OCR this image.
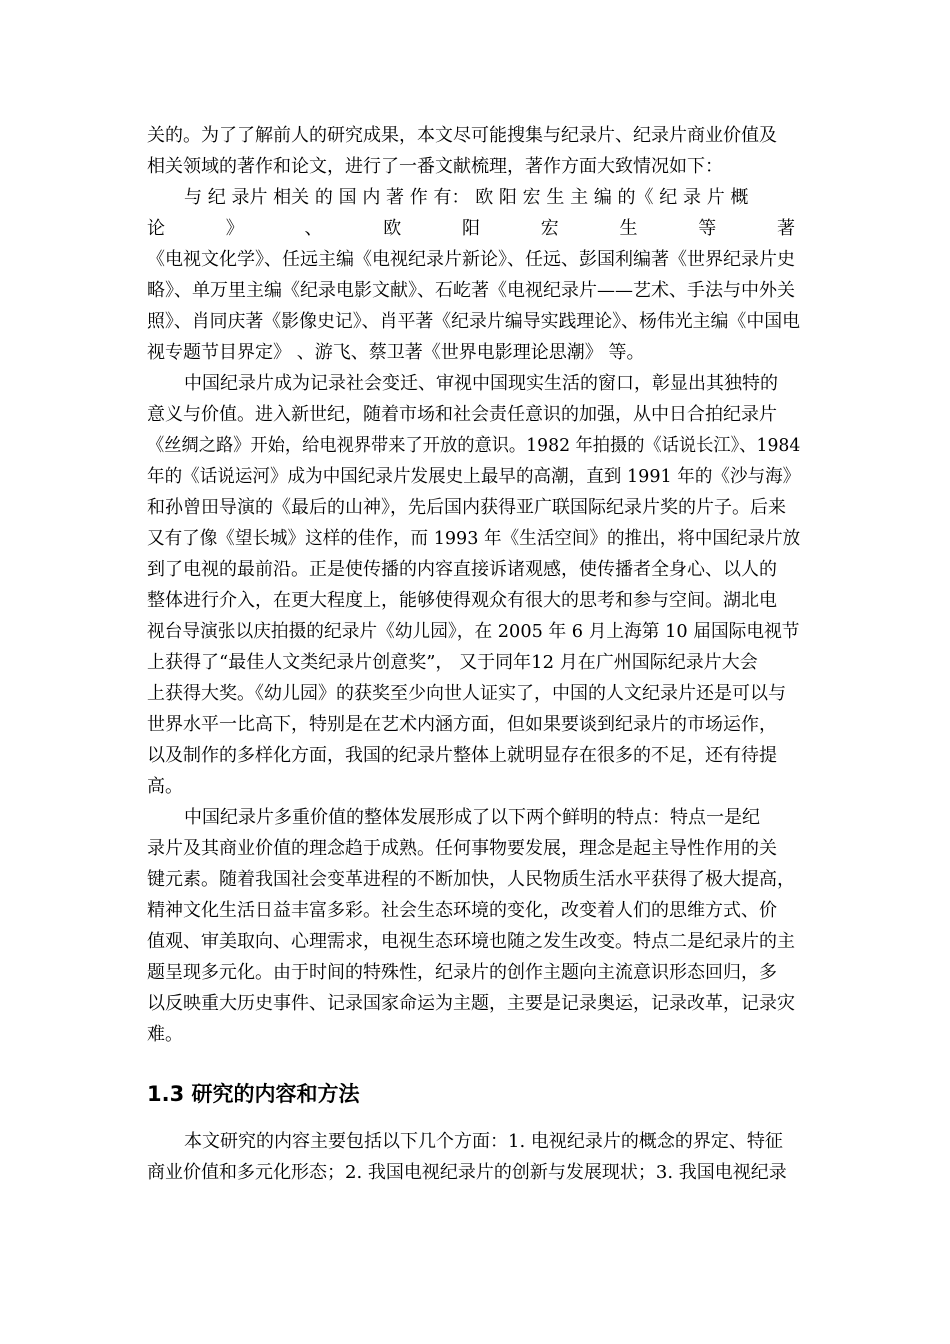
关的。为了了解前人的研究成果，本文尽可能搜集与纪录片、纪录片商业价值及
相关领域的著作和论文，进行了一番文献梳理，著作方面大致情况如下：
与 纪 录片 相关 的 国 内 著 作 有： 欧 阳 宏 生 主 编 的《 纪 录 片 概
论	》	、	欧	阳	宏	生	等	著
《电视文化学》、任远主编《电视纪录片新论》、任远、彭国利编著《世界纪录片史
略》、单万里主编《纪录电影文献》、石屹著《电视纪录片——艺术、手法与中外关
照》、肖同庆著《影像史记》、肖平著《纪录片编导实践理论》、杨伟光主编《中国电
视专题节目界定》 、游飞、蔡卫著《世界电影理论思潮》 等。
中国纪录片成为记录社会变迁、审视中国现实生活的窗口，彰显出其独特的
意义与价值。进入新世纪，随着市场和社会责任意识的加强，从中日合拍纪录片
《丝绸之路》开始，给电视界带来了开放的意识。1982 年拍摄的《话说长江》、1984
年的《话说运河》成为中国纪录片发展史上最早的高潮，直到 1991 年的《沙与海》
和孙曾田导演的《最后的山神》，先后国内获得亚广联国际纪录片奖的片子。后来
又有了像《望长城》这样的佳作，而 1993 年《生活空间》的推出，将中国纪录片放
到了电视的最前沿。正是使传播的内容直接诉诸观感，使传播者全身心、以人的
整体进行介入，在更大程度上，能够使得观众有很大的思考和参与空间。湖北电
视台导演张以庆拍摄的纪录片《幼儿园》，在 2005 年 6 月上海第 10 届国际电视节
上获得了“最佳人文类纪录片创意奖”， 又于同年12 月在广州国际纪录片大会
上获得大奖。《幼儿园》的获奖至少向世人证实了，中国的人文纪录片还是可以与
世界水平一比高下，特别是在艺术内涵方面，但如果要谈到纪录片的市场运作，
以及制作的多样化方面，我国的纪录片整体上就明显存在很多的不足，还有待提
高。
中国纪录片多重价值的整体发展形成了以下两个鲜明的特点：特点一是纪
录片及其商业价值的理念趋于成熟。任何事物要发展，理念是起主导性作用的关
键元素。随着我国社会变革进程的不断加快，人民物质生活水平获得了极大提高，
精神文化生活日益丰富多彩。社会生态环境的变化，改变着人们的思维方式、价
值观、审美取向、心理需求，电视生态环境也随之发生改变。特点二是纪录片的主
题呈现多元化。由于时间的特殊性，纪录片的创作主题向主流意识形态回归，多
以反映重大历史事件、记录国家命运为主题，主要是记录奥运，记录改革，记录灾
难。
1.3 研究的内容和方法
本文研究的内容主要包括以下几个方面：1. 电视纪录片的概念的界定、特征
商业价值和多元化形态；2. 我国电视纪录片的创新与发展现状；3. 我国电视纪录
